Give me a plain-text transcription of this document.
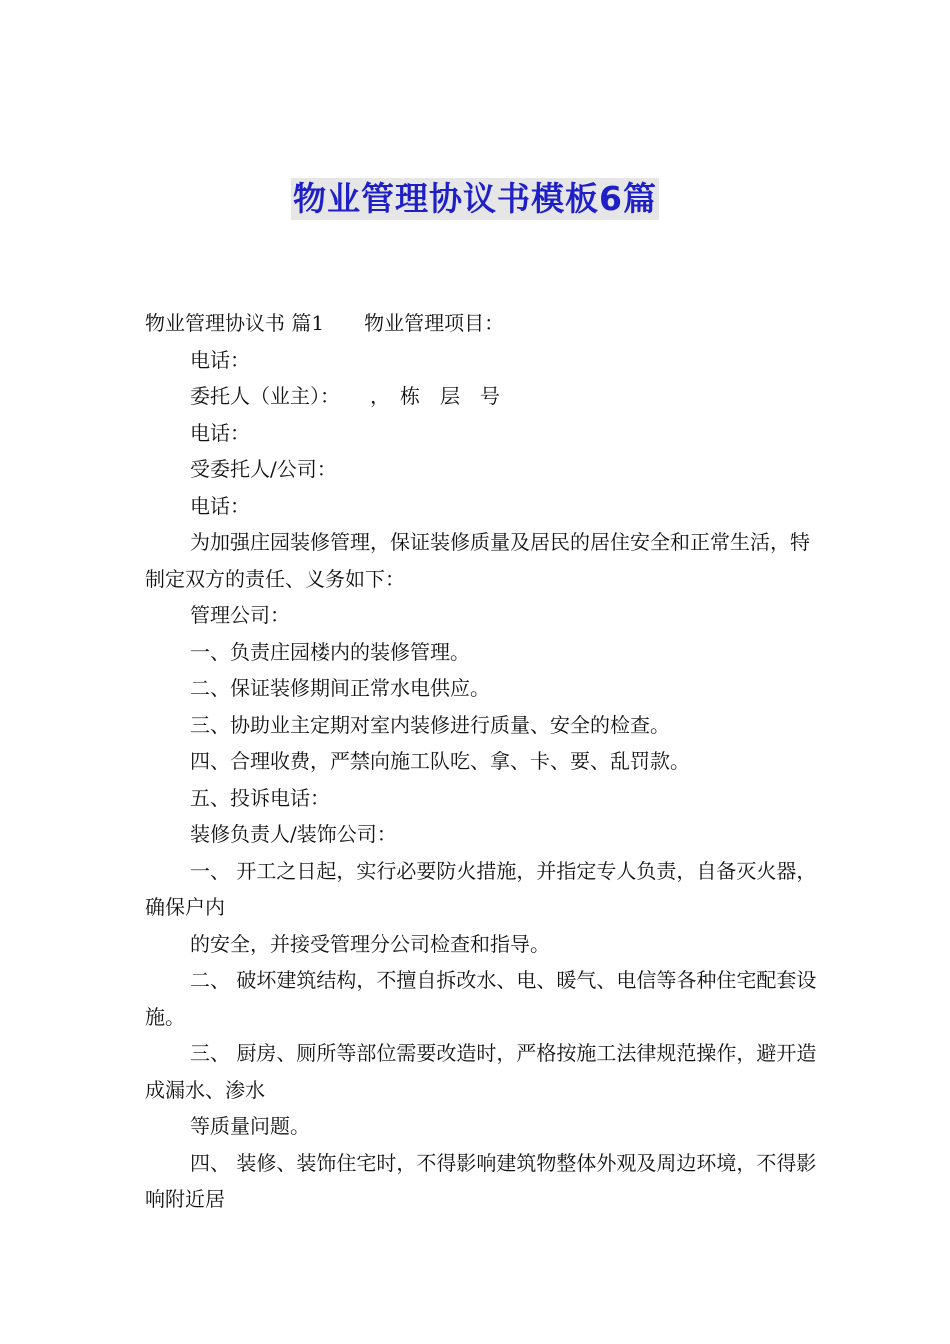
物业管理协议书模板6篇
物业管理协议书 篇1　　物业管理项目：
电话：
委托人（业主）：　　，　栋　层　号
电话：
受委托人/公司：
电话：
为加强庄园装修管理，保证装修质量及居民的居住安全和正常生活，特制定双方的责任、义务如下：
管理公司：
一、负责庄园楼内的装修管理。
二、保证装修期间正常水电供应。
三、协助业主定期对室内装修进行质量、安全的检查。
四、合理收费，严禁向施工队吃、拿、卡、要、乱罚款。
五、投诉电话：
装修负责人/装饰公司：
一、 开工之日起，实行必要防火措施，并指定专人负责，自备灭火器，确保户内
的安全，并接受管理分公司检查和指导。
二、 破坏建筑结构，不擅自拆改水、电、暖气、电信等各种住宅配套设施。
三、 厨房、厕所等部位需要改造时，严格按施工法律规范操作，避开造成漏水、渗水
等质量问题。
四、 装修、装饰住宅时，不得影响建筑物整体外观及周边环境，不得影响附近居
